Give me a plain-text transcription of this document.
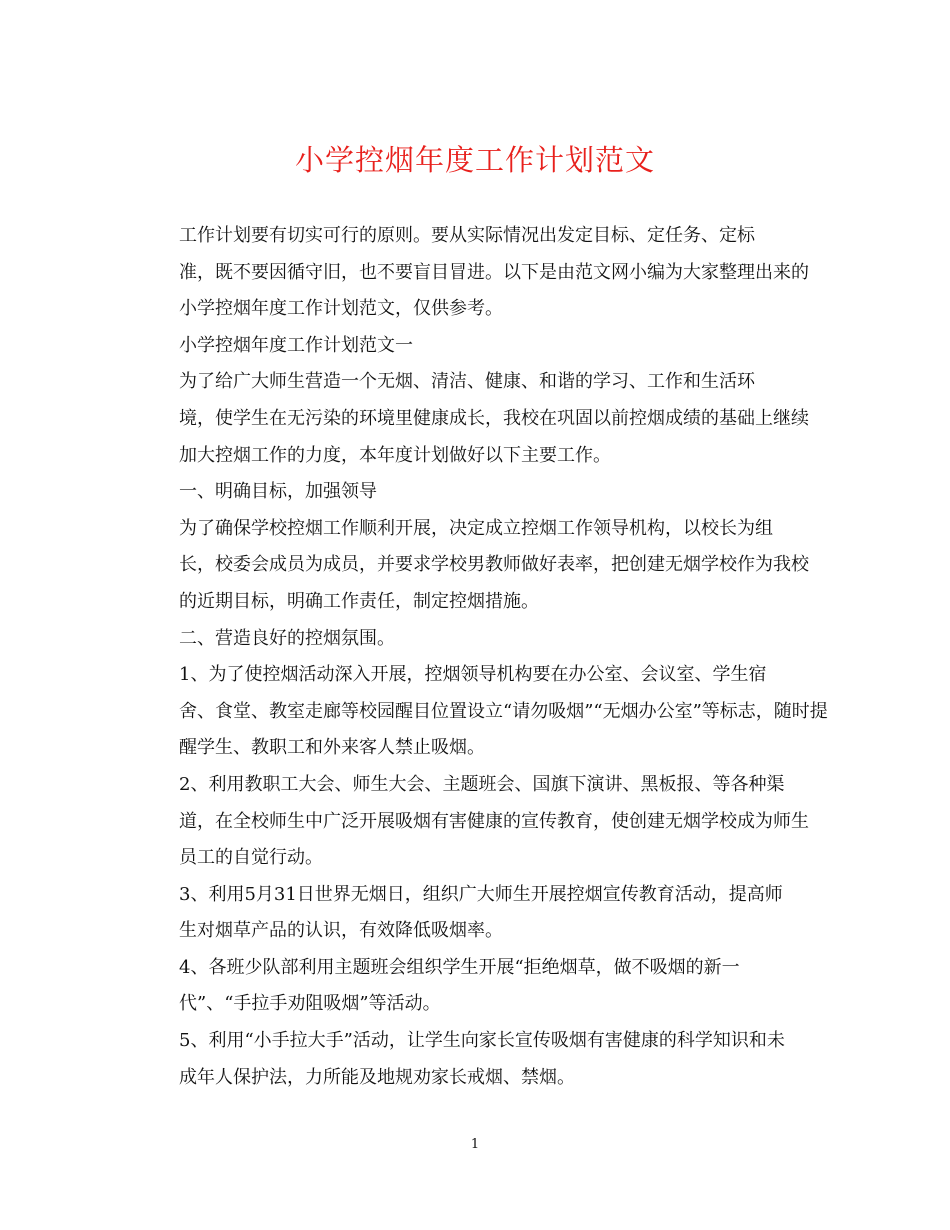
小学控烟年度工作计划范文

工作计划要有切实可行的原则。要从实际情况出发定目标、定任务、定标
准，既不要因循守旧，也不要盲目冒进。以下是由范文网小编为大家整理出来的
小学控烟年度工作计划范文，仅供参考。

小学控烟年度工作计划范文一

为了给广大师生营造一个无烟、清洁、健康、和谐的学习、工作和生活环
境，使学生在无污染的环境里健康成长，我校在巩固以前控烟成绩的基础上继续
加大控烟工作的力度，本年度计划做好以下主要工作。

一、明确目标，加强领导

为了确保学校控烟工作顺利开展，决定成立控烟工作领导机构，以校长为组
长，校委会成员为成员，并要求学校男教师做好表率，把创建无烟学校作为我校
的近期目标，明确工作责任，制定控烟措施。

二、营造良好的控烟氛围。

1、为了使控烟活动深入开展，控烟领导机构要在办公室、会议室、学生宿
舍、食堂、教室走廊等校园醒目位置设立“请勿吸烟”“无烟办公室”等标志，随时提
醒学生、教职工和外来客人禁止吸烟。

2、利用教职工大会、师生大会、主题班会、国旗下演讲、黑板报、等各种渠
道，在全校师生中广泛开展吸烟有害健康的宣传教育，使创建无烟学校成为师生
员工的自觉行动。

3、利用5月31日世界无烟日，组织广大师生开展控烟宣传教育活动，提高师
生对烟草产品的认识，有效降低吸烟率。

4、各班少队部利用主题班会组织学生开展“拒绝烟草，做不吸烟的新一
代”、“手拉手劝阻吸烟”等活动。

5、利用“小手拉大手”活动，让学生向家长宣传吸烟有害健康的科学知识和未
成年人保护法，力所能及地规劝家长戒烟、禁烟。

1
